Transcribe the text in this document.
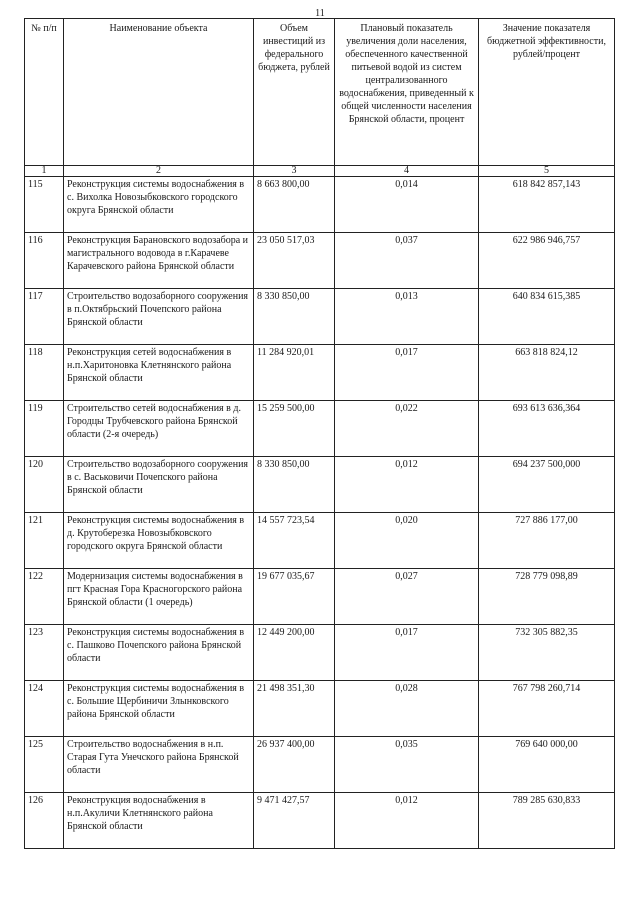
11
№ п/п	Наименование объекта	Объем инвестиций из федерального бюджета, рублей	Плановый показатель увеличения доли населения, обеспеченного качественной питьевой водой из систем централизованного водоснабжения, приведенный к общей численности населения Брянской области, процент	Значение показателя бюджетной эффективности, рублей/процент
1	2	3	4	5
115	Реконструкция системы водоснабжения в с. Вихолка Новозыбковского городского округа Брянской области	8 663 800,00	0,014	618 842 857,143
116	Реконструкция Барановского водозабора и магистрального водовода в г.Карачеве Карачевского района Брянской области	23 050 517,03	0,037	622 986 946,757
117	Строительство водозаборного сооружения в п.Октябрьский Почепского района Брянской области	8 330 850,00	0,013	640 834 615,385
118	Реконструкция сетей водоснабжения в н.п.Харитоновка Клетнянского района Брянской области	11 284 920,01	0,017	663 818 824,12
119	Строительство сетей водоснабжения в д. Городцы Трубчевского района Брянской области (2-я очередь)	15 259 500,00	0,022	693 613 636,364
120	Строительство водозаборного сооружения в с. Васьковичи Почепского района Брянской области	8 330 850,00	0,012	694 237 500,000
121	Реконструкция системы водоснабжения в д. Крутоберезка Новозыбковского городского округа Брянской области	14 557 723,54	0,020	727 886 177,00
122	Модернизация системы водоснабжения в пгт Красная Гора Красногорского района Брянской области (1 очередь)	19 677 035,67	0,027	728 779 098,89
123	Реконструкция системы водоснабжения в с. Пашково Почепского района Брянской области	12 449 200,00	0,017	732 305 882,35
124	Реконструкция системы водоснабжения в с. Большие Щербиничи Злынковского района Брянской области	21 498 351,30	0,028	767 798 260,714
125	Строительство водоснабжения в н.п. Старая Гута Унечского района Брянской области	26 937 400,00	0,035	769 640 000,00
126	Реконструкция водоснабжения в н.п.Акуличи Клетнянского района Брянской области	9 471 427,57	0,012	789 285 630,833
